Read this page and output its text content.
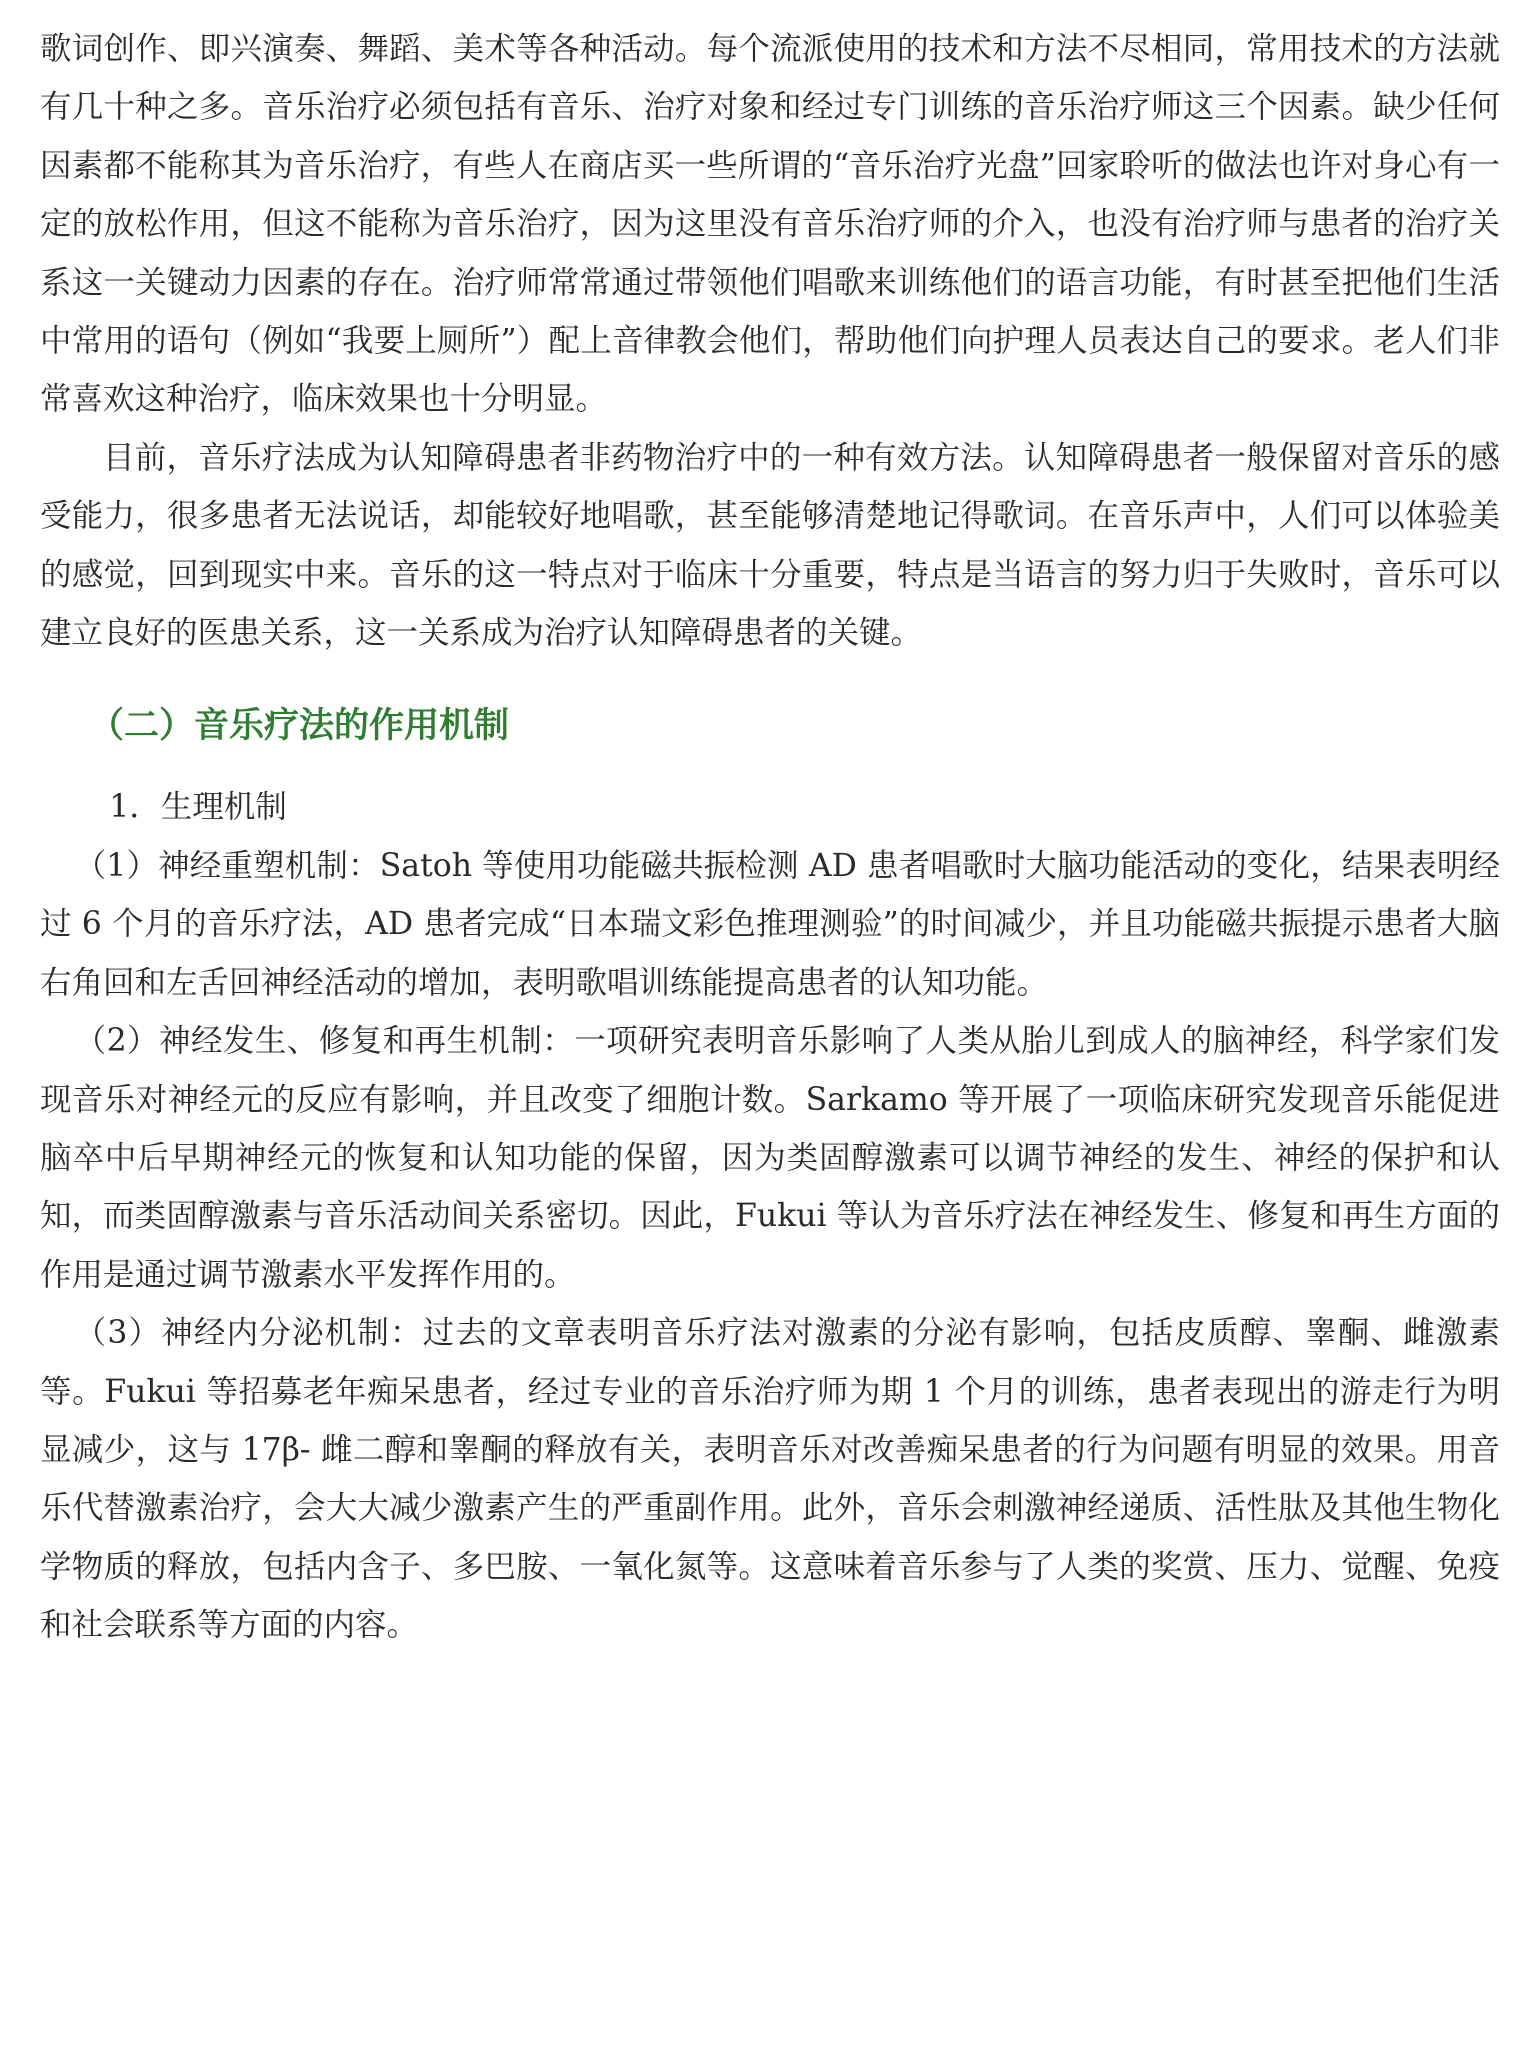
歌词创作、即兴演奏、舞蹈、美术等各种活动。每个流派使用的技术和方法不尽相同，常用技术的方法就有几十种之多。音乐治疗必须包括有音乐、治疗对象和经过专门训练的音乐治疗师这三个因素。缺少任何因素都不能称其为音乐治疗，有些人在商店买一些所谓的“音乐治疗光盘”回家聆听的做法也许对身心有一定的放松作用，但这不能称为音乐治疗，因为这里没有音乐治疗师的介入，也没有治疗师与患者的治疗关系这一关键动力因素的存在。治疗师常常通过带领他们唱歌来训练他们的语言功能，有时甚至把他们生活中常用的语句（例如“我要上厕所”）配上音律教会他们，帮助他们向护理人员表达自己的要求。老人们非常喜欢这种治疗，临床效果也十分明显。

目前，音乐疗法成为认知障碍患者非药物治疗中的一种有效方法。认知障碍患者一般保留对音乐的感受能力，很多患者无法说话，却能较好地唱歌，甚至能够清楚地记得歌词。在音乐声中，人们可以体验美的感觉，回到现实中来。音乐的这一特点对于临床十分重要，特点是当语言的努力归于失败时，音乐可以建立良好的医患关系，这一关系成为治疗认知障碍患者的关键。

（二）音乐疗法的作用机制

1．生理机制

（1）神经重塑机制：Satoh 等使用功能磁共振检测 AD 患者唱歌时大脑功能活动的变化，结果表明经过 6 个月的音乐疗法，AD 患者完成“日本瑞文彩色推理测验”的时间减少，并且功能磁共振提示患者大脑右角回和左舌回神经活动的增加，表明歌唱训练能提高患者的认知功能。

（2）神经发生、修复和再生机制：一项研究表明音乐影响了人类从胎儿到成人的脑神经，科学家们发现音乐对神经元的反应有影响，并且改变了细胞计数。Sarkamo 等开展了一项临床研究发现音乐能促进脑卒中后早期神经元的恢复和认知功能的保留，因为类固醇激素可以调节神经的发生、神经的保护和认知，而类固醇激素与音乐活动间关系密切。因此，Fukui 等认为音乐疗法在神经发生、修复和再生方面的作用是通过调节激素水平发挥作用的。

（3）神经内分泌机制：过去的文章表明音乐疗法对激素的分泌有影响，包括皮质醇、睾酮、雌激素等。Fukui 等招募老年痴呆患者，经过专业的音乐治疗师为期 1 个月的训练，患者表现出的游走行为明显减少，这与 17β- 雌二醇和睾酮的释放有关，表明音乐对改善痴呆患者的行为问题有明显的效果。用音乐代替激素治疗，会大大减少激素产生的严重副作用。此外，音乐会刺激神经递质、活性肽及其他生物化学物质的释放，包括内含子、多巴胺、一氧化氮等。这意味着音乐参与了人类的奖赏、压力、觉醒、免疫和社会联系等方面的内容。
